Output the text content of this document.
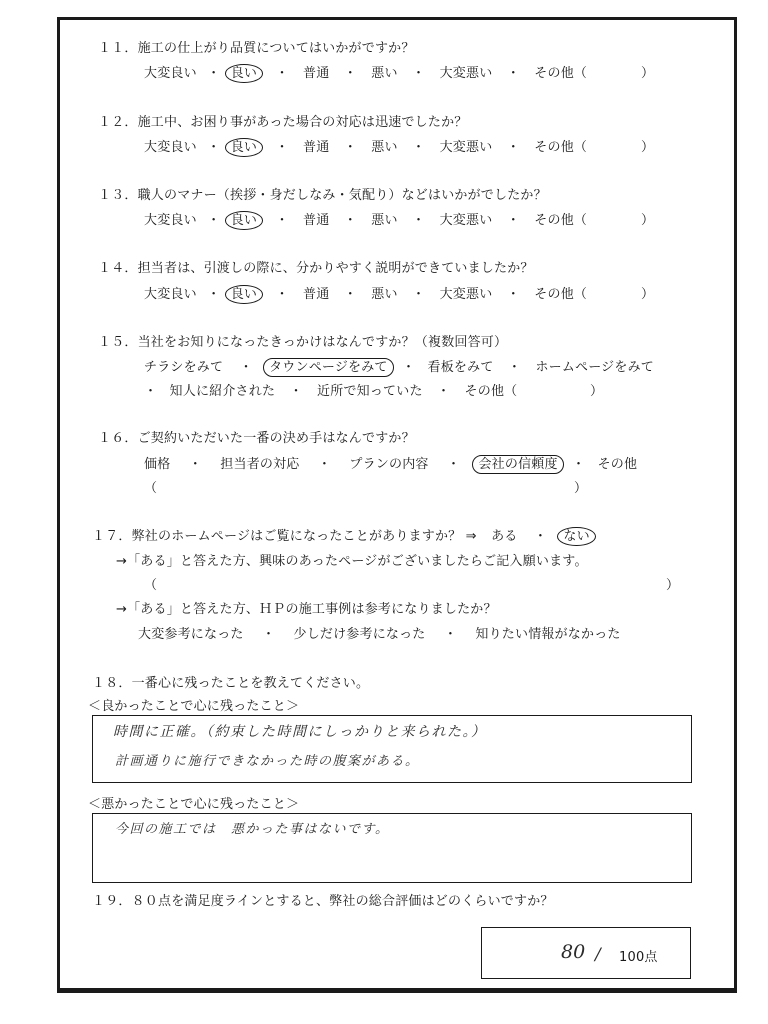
１１．施工の仕上がり品質についてはいかがですか？
大変良い ・ 良い ・ 普通 ・ 悪い ・ 大変悪い ・ その他（	）
１２．施工中、お困り事があった場合の対応は迅速でしたか？
大変良い ・ 良い ・ 普通 ・ 悪い ・ 大変悪い ・ その他（	）
１３．職人のマナー（挨拶・身だしなみ・気配り）などはいかがでしたか？
大変良い ・ 良い ・ 普通 ・ 悪い ・ 大変悪い ・ その他（	）
１４．担当者は、引渡しの際に、分かりやすく説明ができていましたか？
大変良い ・ 良い ・ 普通 ・ 悪い ・ 大変悪い ・ その他（	）
１５．当社をお知りになったきっかけはなんですか？（複数回答可）
チラシをみて ・ タウンページをみて ・ 看板をみて ・ ホームページをみて
・ 知人に紹介された ・ 近所で知っていた ・ その他（	）
１６．ご契約いただいた一番の決め手はなんですか？
価格 ・ 担当者の対応 ・ プランの内容 ・ 会社の信頼度 ・ その他
（	）
１７．弊社のホームページはご覧になったことがありますか？ ⇒ ある ・ ない
→「ある」と答えた方、興味のあったページがございましたらご記入願います。
（	）
→「ある」と答えた方、ＨＰの施工事例は参考になりましたか？
大変参考になった ・ 少しだけ参考になった ・ 知りたい情報がなかった
１８．一番心に残ったことを教えてください。
＜良かったことで心に残ったこと＞
時間に正確。（約束した時間にしっかりと来られた。）
計画通りに施行できなかった時の腹案がある。
＜悪かったことで心に残ったこと＞
今回の施工では　悪かった事はないです。
１９．８０点を満足度ラインとすると、弊社の総合評価はどのくらいですか？
80 / 100点
